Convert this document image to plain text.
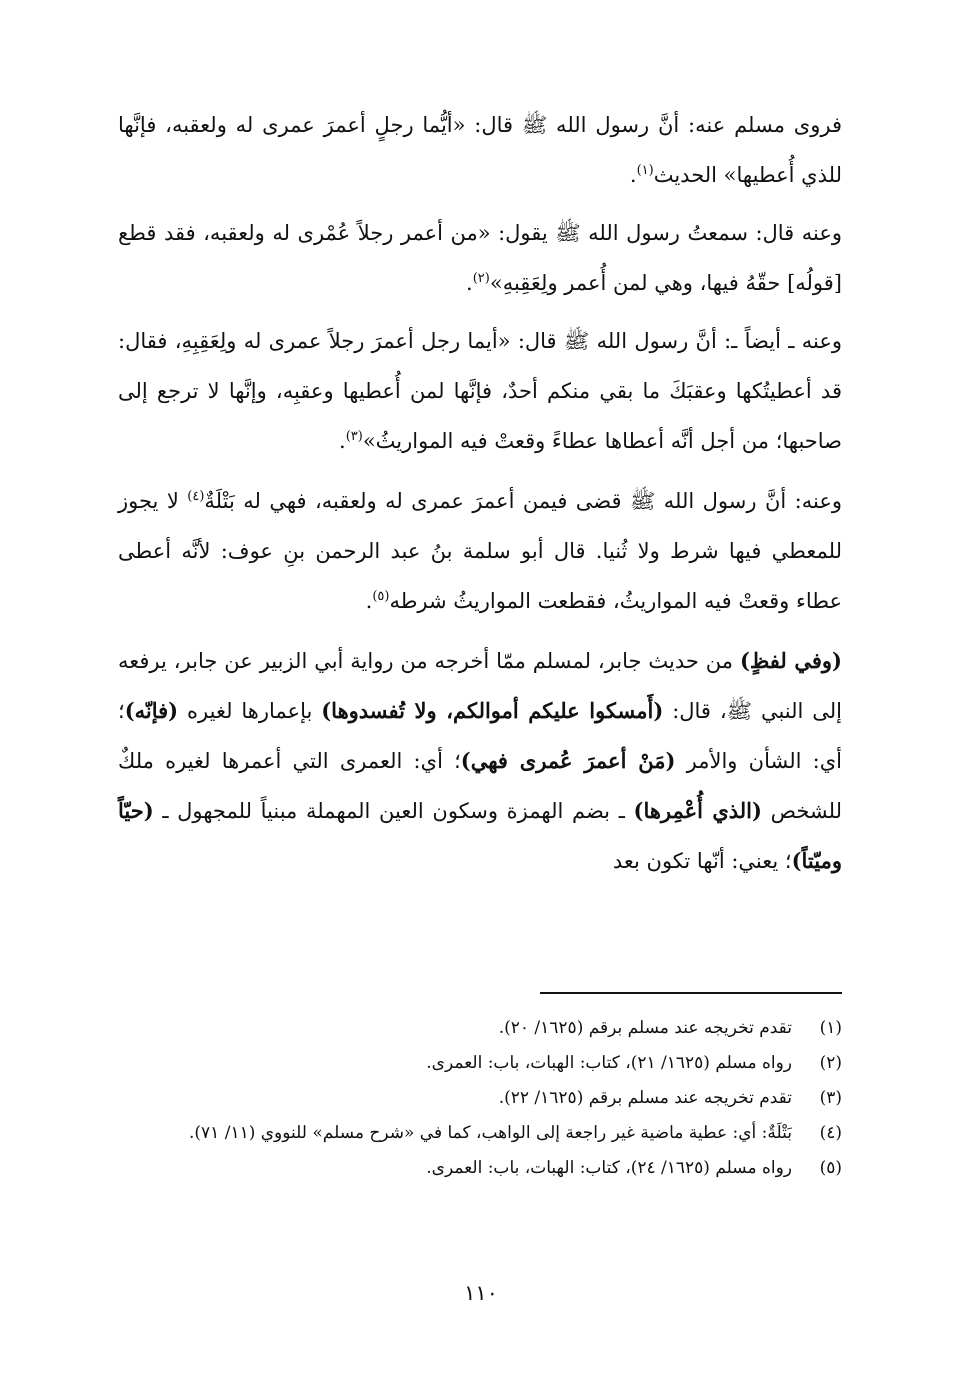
فروى مسلم عنه: أنَّ رسول الله ﷺ قال: «أيُّما رجلٍ أعمرَ عمرى له ولعقبه، فإنَّها للذي أُعطيها» الحديث$^{(١)}$.

وعنه قال: سمعتُ رسول الله ﷺ يقول: «من أعمر رجلاً عُمْرى له ولعقبه، فقد قطع [قولُه] حقّهُ فيها، وهي لمن أُعمر ولِعَقِبهِ»$^{(٢)}$.

وعنه ـ أيضاً ـ: أنَّ رسول الله ﷺ قال: «أيما رجل أعمرَ رجلاً عمرى له ولِعَقِبِهِ، فقال: قد أعطيتُكها وعقبَكَ ما بقي منكم أحدٌ، فإنَّها لمن أُعطيها وعقبِه، وإنَّها لا ترجع إلى صاحبها؛ من أجل أنَّه أعطاها عطاءً وقعتْ فيه المواريثُ»$^{(٣)}$.

وعنه: أنَّ رسول الله ﷺ قضى فيمن أعمرَ عمرى له ولعقبه، فهي له بَتْلَةٌ$^{(٤)}$ لا يجوز للمعطي فيها شرط ولا ثُنيا. قال أبو سلمة بنُ عبد الرحمن بنِ عوف: لأنَّه أعطى عطاء وقعتْ فيه المواريثُ، فقطعت المواريثُ شرطه$^{(٥)}$.

(وفي لفظٍ) من حديث جابر، لمسلم ممّا أخرجه من رواية أبي الزبير عن جابر، يرفعه إلى النبي ﷺ، قال: (أَمسكوا عليكم أموالكم، ولا تُفسدوها) بإعمارها لغيره (فإنّه)؛ أي: الشأن والأمر (مَنْ أعمرَ عُمرى فهي)؛ أي: العمرى التي أعمرها لغيره ملكٌ للشخص (الذي أُعْمِرها) ـ بضم الهمزة وسكون العين المهملة مبنياً للمجهول ـ (حيّاً وميّتاً)؛ يعني: أنّها تكون بعد

(١)
تقدم تخريجه عند مسلم برقم (١٦٢٥/ ٢٠).
(٢)
رواه مسلم (١٦٢٥/ ٢١)، كتاب: الهبات، باب: العمرى.
(٣)
تقدم تخريجه عند مسلم برقم (١٦٢٥/ ٢٢).
(٤)
بَتْلَةٌ: أي: عطية ماضية غير راجعة إلى الواهب، كما في «شرح مسلم» للنووي (١١/ ٧١).
(٥)
رواه مسلم (١٦٢٥/ ٢٤)، كتاب: الهبات، باب: العمرى.
١١٠
